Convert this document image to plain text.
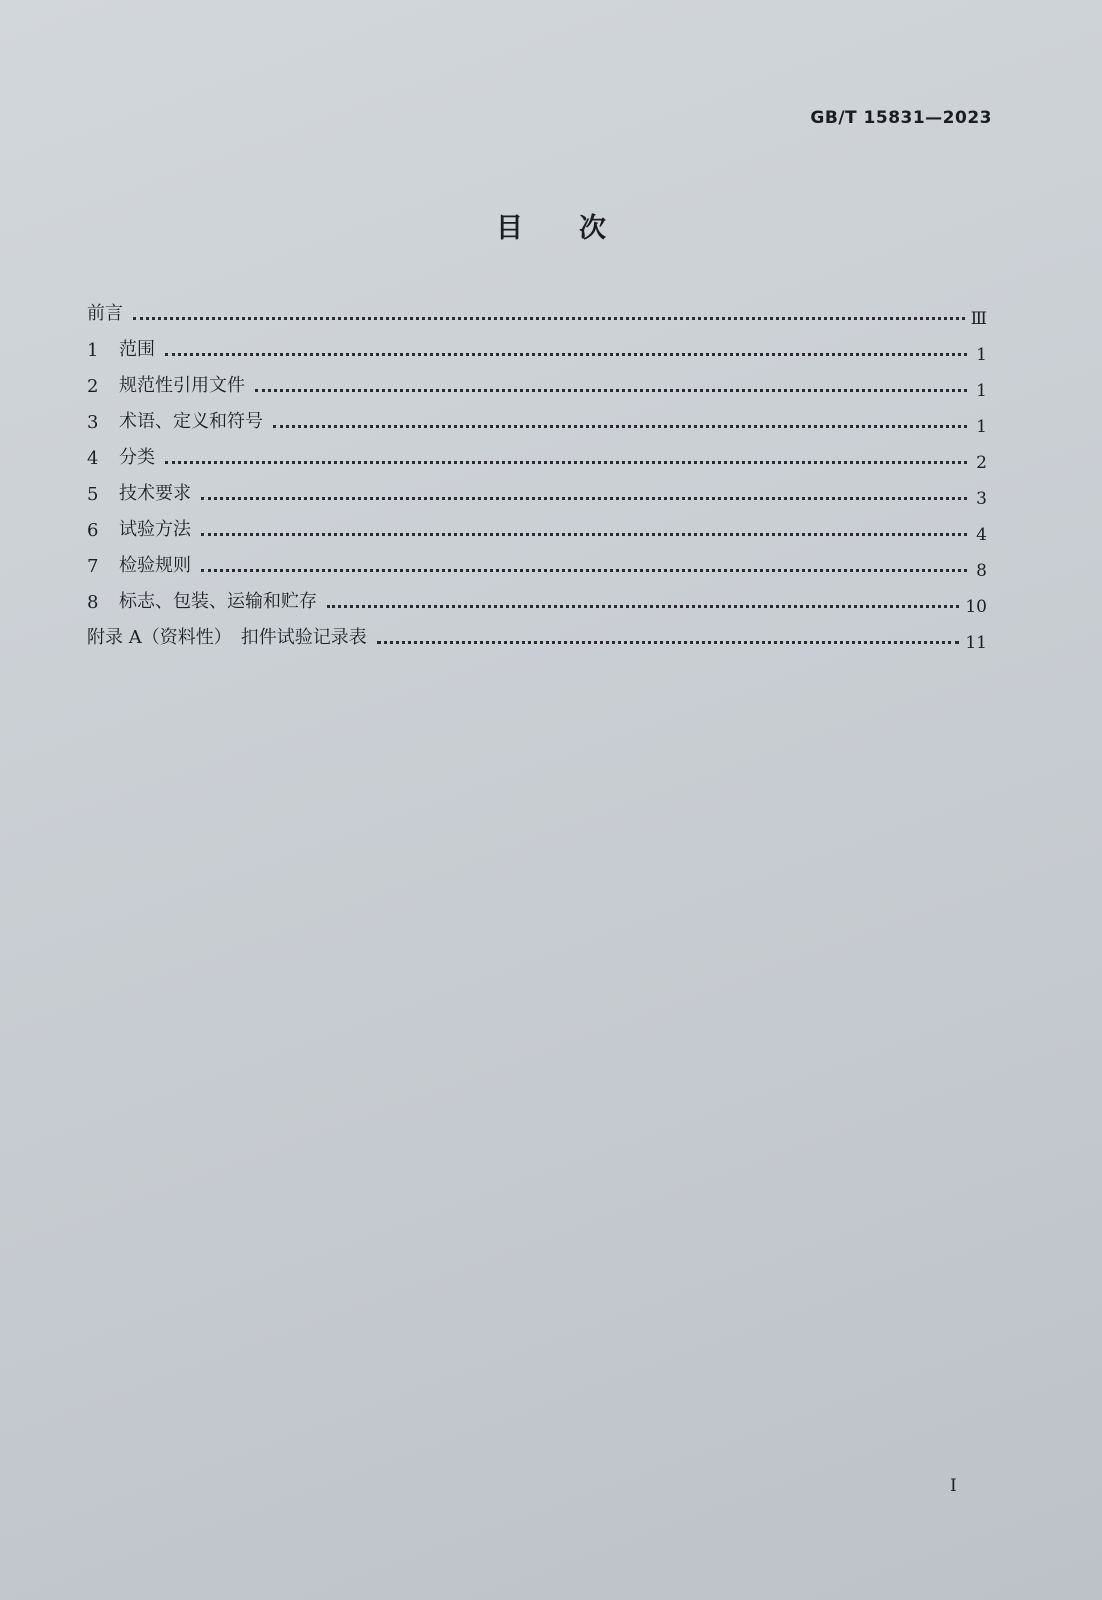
GB/T 15831—2023
目次
前言	Ⅲ
1	范围	1
2	规范性引用文件	1
3	术语、定义和符号	1
4	分类	2
5	技术要求	3
6	试验方法	4
7	检验规则	8
8	标志、包装、运输和贮存	10
附录 A（资料性）　扣件试验记录表	11
I
